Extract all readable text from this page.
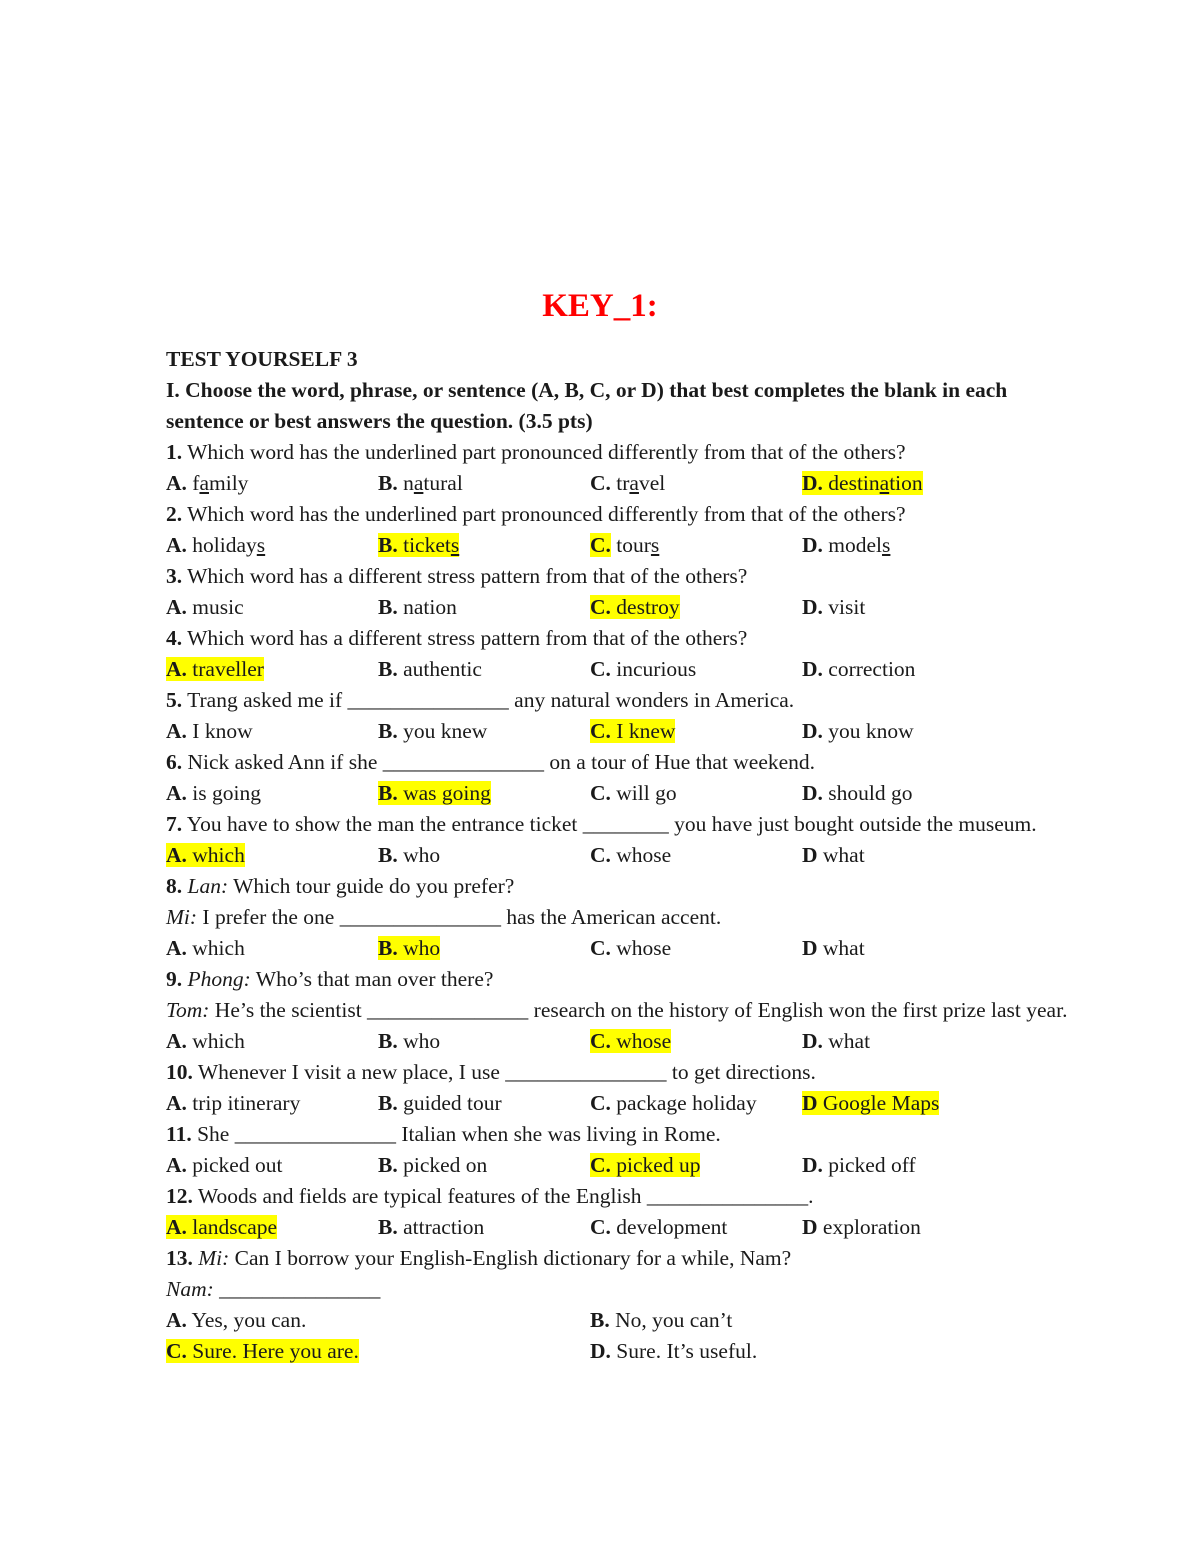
KEY_1:
TEST YOURSELF 3
I. Choose the word, phrase, or sentence (A, B, C, or D) that best completes the blank in each sentence or best answers the question. (3.5 pts)
1. Which word has the underlined part pronounced differently from that of the others?
A. family	B. natural	C. travel	D. destination
2. Which word has the underlined part pronounced differently from that of the others?
A. holidays	B. tickets	C. tours	D. models
3. Which word has a different stress pattern from that of the others?
A. music	B. nation	C. destroy	D. visit
4. Which word has a different stress pattern from that of the others?
A. traveller	B. authentic	C. incurious	D. correction
5. Trang asked me if _______________ any natural wonders in America.
A. I know	B. you knew	C. I knew	D. you know
6. Nick asked Ann if she _______________ on a tour of Hue that weekend.
A. is going	B. was going	C. will go	D. should go
7. You have to show the man the entrance ticket ________ you have just bought outside the museum.
A. which	B. who	C. whose	D what
8. Lan: Which tour guide do you prefer?
Mi: I prefer the one _______________ has the American accent.
A. which	B. who	C. whose	D what
9. Phong: Who’s that man over there?
Tom: He’s the scientist _______________ research on the history of English won the first prize last year.
A. which	B. who	C. whose	D. what
10. Whenever I visit a new place, I use _______________ to get directions.
A. trip itinerary	B. guided tour	C. package holiday	D Google Maps
11. She _______________ Italian when she was living in Rome.
A. picked out	B. picked on	C. picked up	D. picked off
12. Woods and fields are typical features of the English _______________.
A. landscape	B. attraction	C. development	D exploration
13. Mi: Can I borrow your English-English dictionary for a while, Nam?
Nam: _______________
A. Yes, you can.	B. No, you can’t
C. Sure. Here you are.	D. Sure. It’s useful.
